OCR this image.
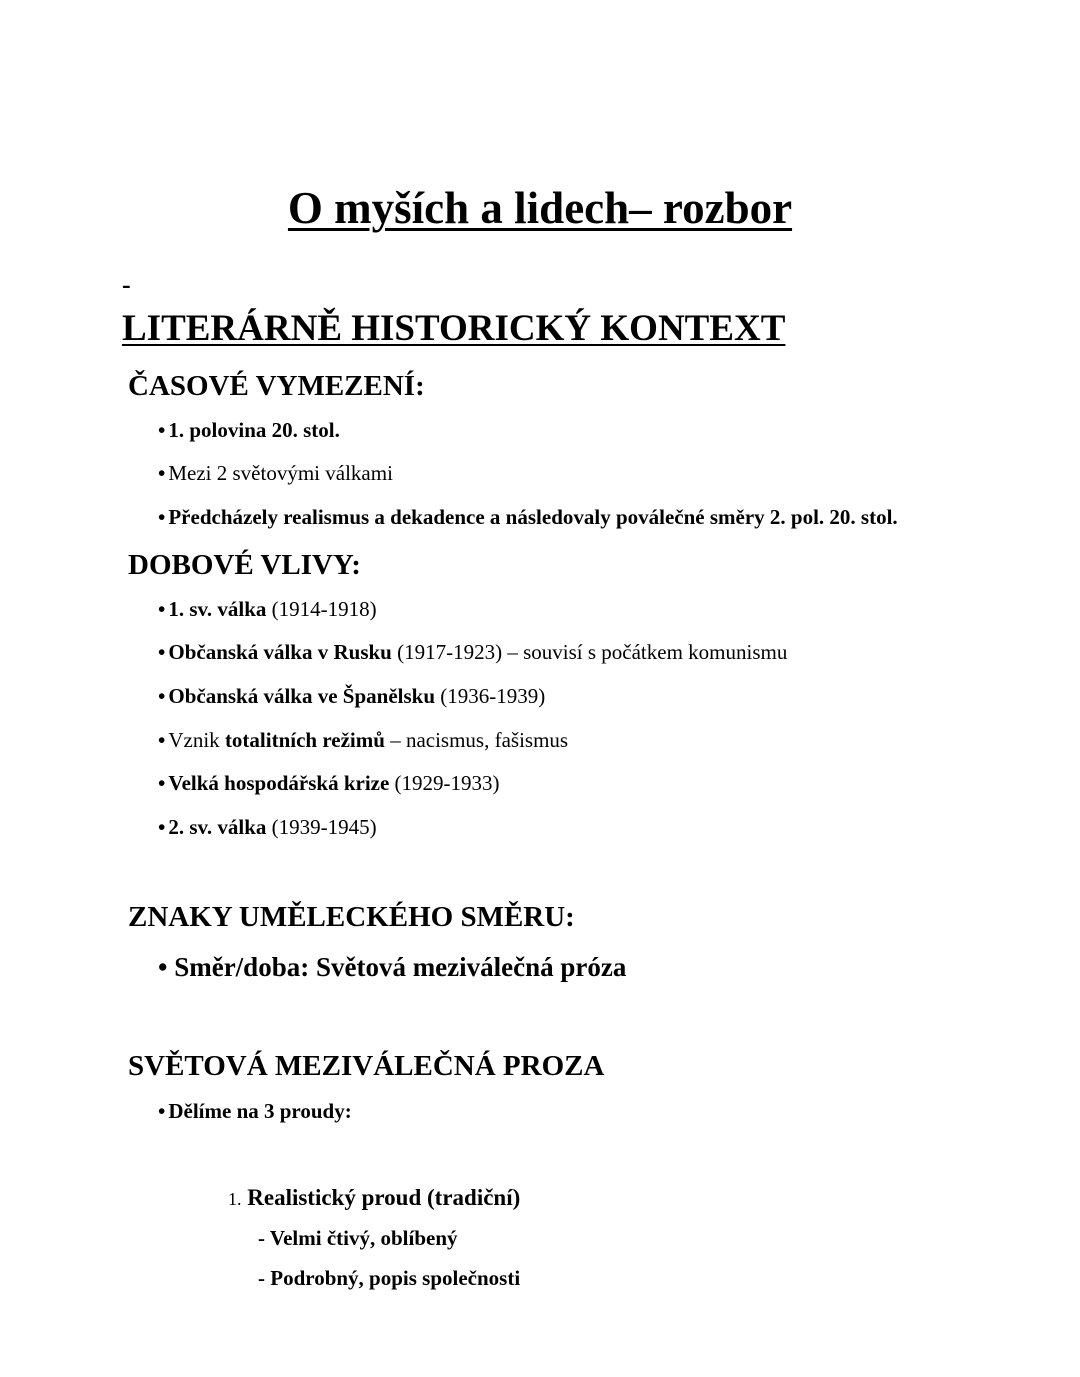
O myších a lidech– rozbor
-
LITERÁRNĚ HISTORICKÝ KONTEXT
ČASOVÉ VYMEZENÍ:
• 1. polovina 20. stol.
• Mezi 2 světovými válkami
• Předcházely realismus a dekadence a následovaly poválečné směry 2. pol. 20. stol.
DOBOVÉ VLIVY:
• 1. sv. válka (1914-1918)
• Občanská válka v Rusku (1917-1923) – souvisí s počátkem komunismu
• Občanská válka ve Španělsku (1936-1939)
• Vznik totalitních režimů – nacismus, fašismus
• Velká hospodářská krize (1929-1933)
• 2. sv. válka (1939-1945)
ZNAKY UMĚLECKÉHO SMĚRU:
• Směr/doba: Světová meziválečná próza
SVĚTOVÁ MEZIVÁLEČNÁ PROZA
• Dělíme na 3 proudy:
1. Realistický proud (tradiční)
- Velmi čtivý, oblíbený
- Podrobný, popis společnosti
